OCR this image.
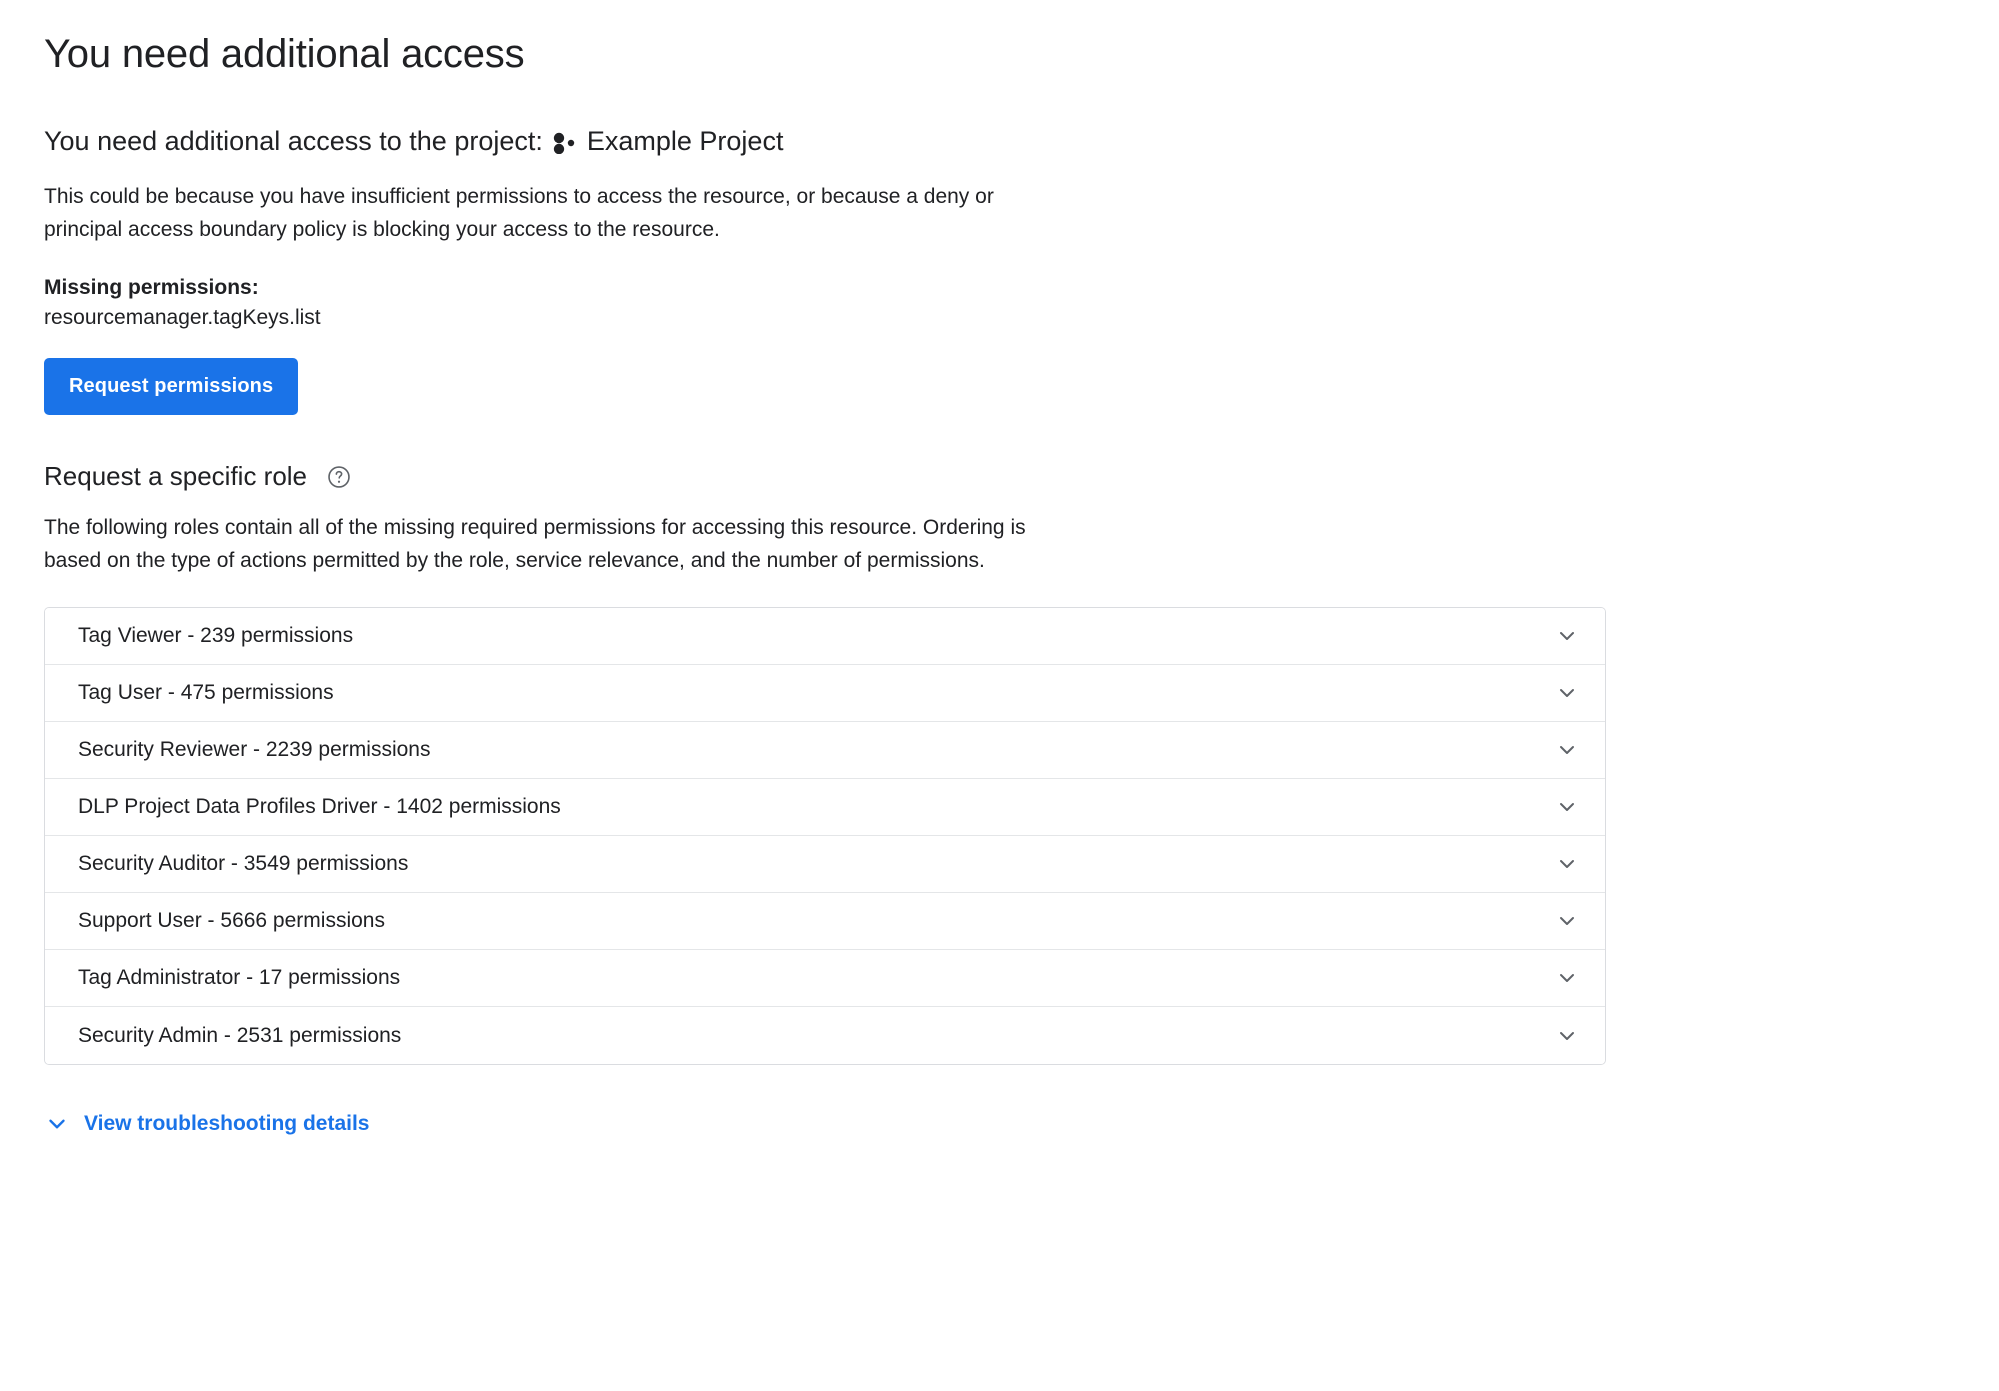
You need additional access
You need additional access to the project: Example Project

This could be because you have insufficient permissions to access the resource, or because a deny or principal access boundary policy is blocking your access to the resource.

Missing permissions:
resourcemanager.tagKeys.list
Request permissions
Request a specific role

The following roles contain all of the missing required permissions for accessing this resource. Ordering is based on the type of actions permitted by the role, service relevance, and the number of permissions.

Tag Viewer - 239 permissions
Tag User - 475 permissions
Security Reviewer - 2239 permissions
DLP Project Data Profiles Driver - 1402 permissions
Security Auditor - 3549 permissions
Support User - 5666 permissions
Tag Administrator - 17 permissions
Security Admin - 2531 permissions
View troubleshooting details
